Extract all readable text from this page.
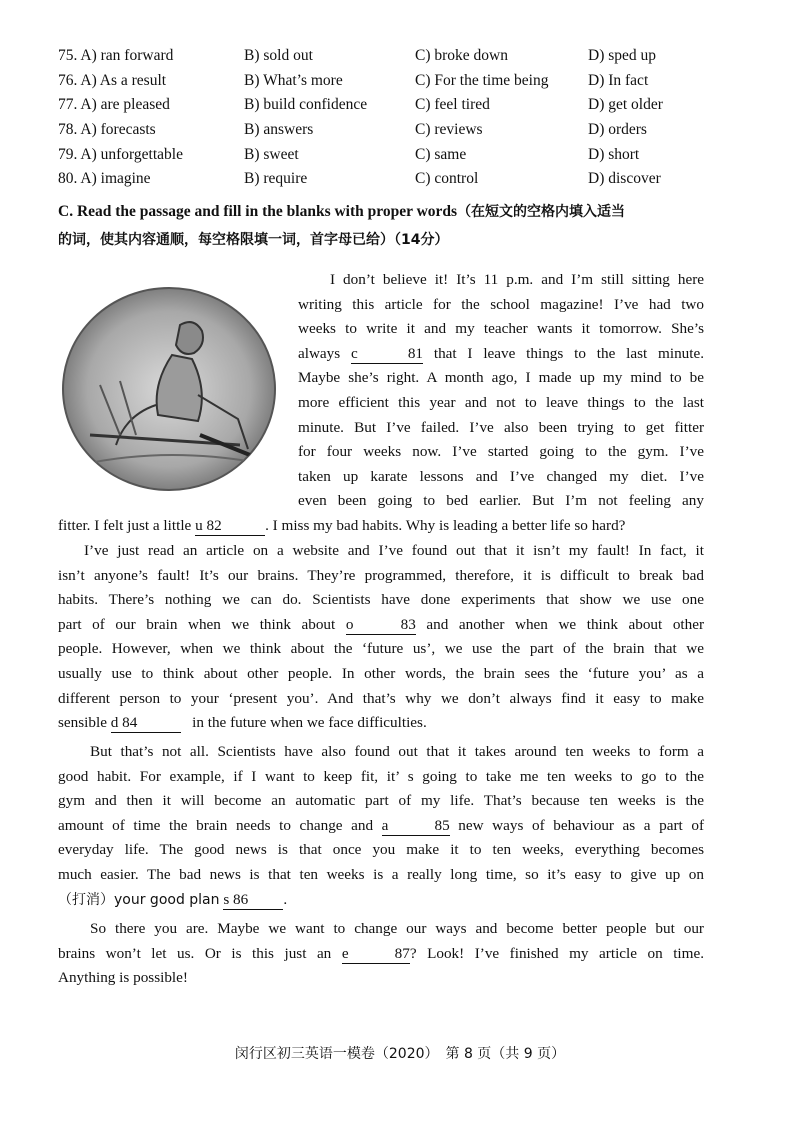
75. A) ran forward	B) sold out	C) broke down	D) sped up
76. A) As a result	B) What’s more	C) For the time being	D) In fact
77. A) are pleased	B) build confidence	C) feel tired	D) get older
78. A) forecasts	B) answers	C) reviews	D) orders
79. A) unforgettable	B) sweet	C) same	D) short
80. A) imagine	B) require	C) control	D) discover
C. Read the passage and fill in the blanks with proper words（在短文的空格内填入适当
的词，使其内容通顺，每空格限填一词，首字母已给）（14分）
I don’t believe it! It’s 11 p.m. and I’m still sitting here
writing this article for the school magazine! I’ve had two
weeks to write it and my teacher wants it tomorrow. She’s
always c 81 that I leave things to the last minute.
Maybe she’s right. A month ago, I made up my mind to be
more efficient this year and not to leave things to the last
minute. But I’ve failed. I’ve also been trying to get fitter
for four weeks now. I’ve started going to the gym. I’ve
taken up karate lessons and I’ve changed my diet. I’ve
even been going to bed earlier. But I’m not feeling any
fitter. I felt just a little u 82	. I miss my bad habits. Why is leading a better life so hard?
I’ve just read an article on a website and I’ve found out that it isn’t my fault! In fact, it
isn’t anyone’s fault! It’s our brains. They’re programmed, therefore, it is difficult to break bad
habits. There’s nothing we can do. Scientists have done experiments that show we use one
part of our brain when we think about o 83 and another when we think about other
people. However, when we think about the ‘future us’, we use the part of the brain that we
usually use to think about other people. In other words, the brain sees the ‘future you’ as a
different person to your ‘present you’. And that’s why we don’t always find it easy to make
sensible d 84	in the future when we face difficulties.
But that’s not all. Scientists have also found out that it takes around ten weeks to form a
good habit. For example, if I want to keep fit, it’ s going to take me ten weeks to go to the
gym and then it will become an automatic part of my life. That’s because ten weeks is the
amount of time the brain needs to change and a 85 new ways of behaviour as a part of
everyday life. The good news is that once you make it to ten weeks, everything becomes
much easier. The bad news is that ten weeks is a really long time, so it’s easy to give up on
（打消）your good plan s 86 .
So there you are. Maybe we want to change our ways and become better people but our
brains won’t let us. Or is this just an e 87? Look! I’ve finished my article on time.
Anything is possible!
闵行区初三英语一模卷（2020）　第 8 页（共 9 页）
